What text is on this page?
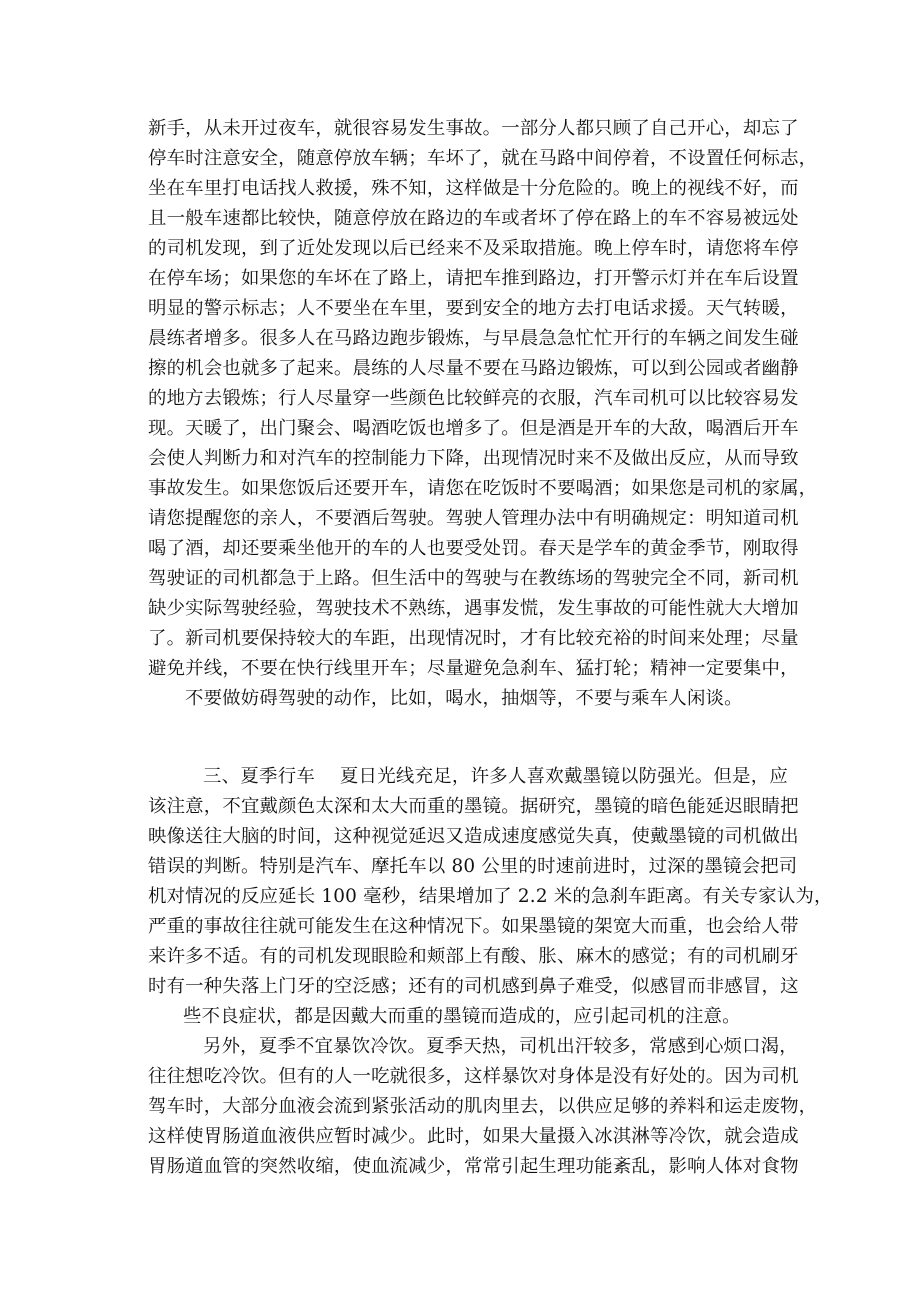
新手，从未开过夜车，就很容易发生事故。一部分人都只顾了自己开心，却忘了
停车时注意安全，随意停放车辆；车坏了，就在马路中间停着，不设置任何标志，
坐在车里打电话找人救援，殊不知，这样做是十分危险的。晚上的视线不好，而
且一般车速都比较快，随意停放在路边的车或者坏了停在路上的车不容易被远处
的司机发现，到了近处发现以后已经来不及采取措施。晚上停车时，请您将车停
在停车场；如果您的车坏在了路上，请把车推到路边，打开警示灯并在车后设置
明显的警示标志；人不要坐在车里，要到安全的地方去打电话求援。天气转暖，
晨练者增多。很多人在马路边跑步锻炼，与早晨急急忙忙开行的车辆之间发生碰
擦的机会也就多了起来。晨练的人尽量不要在马路边锻炼，可以到公园或者幽静
的地方去锻炼；行人尽量穿一些颜色比较鲜亮的衣服，汽车司机可以比较容易发
现。天暖了，出门聚会、喝酒吃饭也增多了。但是酒是开车的大敌，喝酒后开车
会使人判断力和对汽车的控制能力下降，出现情况时来不及做出反应，从而导致
事故发生。如果您饭后还要开车，请您在吃饭时不要喝酒；如果您是司机的家属，
请您提醒您的亲人，不要酒后驾驶。驾驶人管理办法中有明确规定：明知道司机
喝了酒，却还要乘坐他开的车的人也要受处罚。春天是学车的黄金季节，刚取得
驾驶证的司机都急于上路。但生活中的驾驶与在教练场的驾驶完全不同，新司机
缺少实际驾驶经验，驾驶技术不熟练，遇事发慌，发生事故的可能性就大大增加
了。新司机要保持较大的车距，出现情况时，才有比较充裕的时间来处理；尽量
避免并线，不要在快行线里开车；尽量避免急刹车、猛打轮；精神一定要集中，
不要做妨碍驾驶的动作，比如，喝水，抽烟等，不要与乘车人闲谈。
三、夏季行车　 夏日光线充足，许多人喜欢戴墨镜以防强光。但是，应
该注意，不宜戴颜色太深和太大而重的墨镜。据研究，墨镜的暗色能延迟眼睛把
映像送往大脑的时间，这种视觉延迟又造成速度感觉失真，使戴墨镜的司机做出
错误的判断。特别是汽车、摩托车以 80 公里的时速前进时，过深的墨镜会把司
机对情况的反应延长 100 毫秒，结果增加了 2.2 米的急刹车距离。有关专家认为，
严重的事故往往就可能发生在这种情况下。如果墨镜的架宽大而重，也会给人带
来许多不适。有的司机发现眼睑和颊部上有酸、胀、麻木的感觉；有的司机刷牙
时有一种失落上门牙的空泛感；还有的司机感到鼻子难受，似感冒而非感冒，这
些不良症状，都是因戴大而重的墨镜而造成的，应引起司机的注意。
另外，夏季不宜暴饮冷饮。夏季天热，司机出汗较多，常感到心烦口渴，
往往想吃冷饮。但有的人一吃就很多，这样暴饮对身体是没有好处的。因为司机
驾车时，大部分血液会流到紧张活动的肌肉里去，以供应足够的养料和运走废物，
这样使胃肠道血液供应暂时减少。此时，如果大量摄入冰淇淋等冷饮，就会造成
胃肠道血管的突然收缩，使血流减少，常常引起生理功能紊乱，影响人体对食物
